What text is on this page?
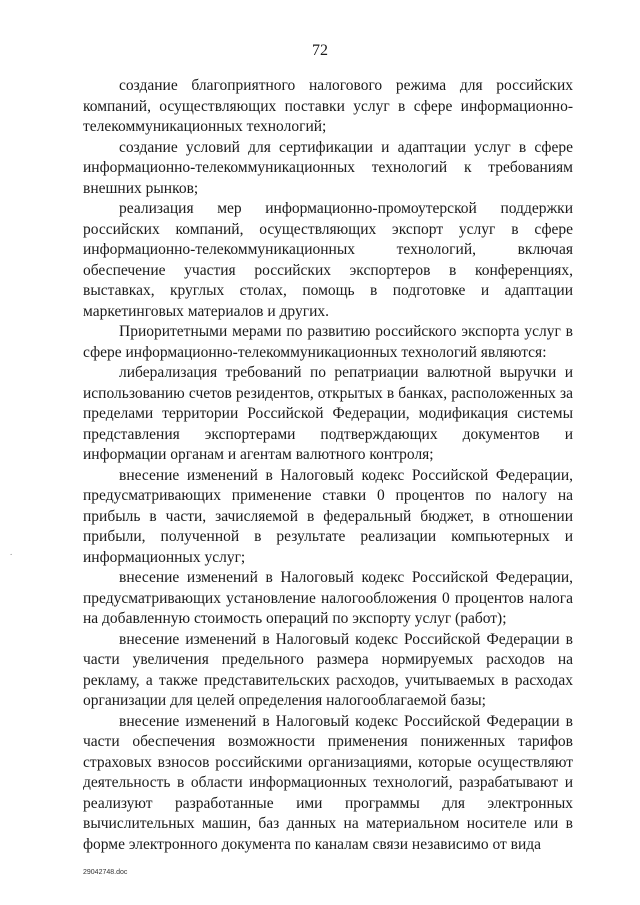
72

создание благоприятного налогового режима для российских компаний, осуществляющих поставки услуг в сфере информационно-телекоммуникационных технологий;

создание условий для сертификации и адаптации услуг в сфере информационно-телекоммуникационных технологий к требованиям внешних рынков;

реализация мер информационно-промоутерской поддержки российских компаний, осуществляющих экспорт услуг в сфере информационно-телекоммуникационных технологий, включая обеспечение участия российских экспортеров в конференциях, выставках, круглых столах, помощь в подготовке и адаптации маркетинговых материалов и других.

Приоритетными мерами по развитию российского экспорта услуг в сфере информационно-телекоммуникационных технологий являются:

либерализация требований по репатриации валютной выручки и использованию счетов резидентов, открытых в банках, расположенных за пределами территории Российской Федерации, модификация системы представления экспортерами подтверждающих документов и информации органам и агентам валютного контроля;

внесение изменений в Налоговый кодекс Российской Федерации, предусматривающих применение ставки 0 процентов по налогу на прибыль в части, зачисляемой в федеральный бюджет, в отношении прибыли, полученной в результате реализации компьютерных и информационных услуг;

внесение изменений в Налоговый кодекс Российской Федерации, предусматривающих установление налогообложения 0 процентов налога на добавленную стоимость операций по экспорту услуг (работ);

внесение изменений в Налоговый кодекс Российской Федерации в части увеличения предельного размера нормируемых расходов на рекламу, а также представительских расходов, учитываемых в расходах организации для целей определения налогооблагаемой базы;

внесение изменений в Налоговый кодекс Российской Федерации в части обеспечения возможности применения пониженных тарифов страховых взносов российскими организациями, которые осуществляют деятельность в области информационных технологий, разрабатывают и реализуют разработанные ими программы для электронных вычислительных машин, баз данных на материальном носителе или в форме электронного документа по каналам связи независимо от вида

.
29042748.doc
